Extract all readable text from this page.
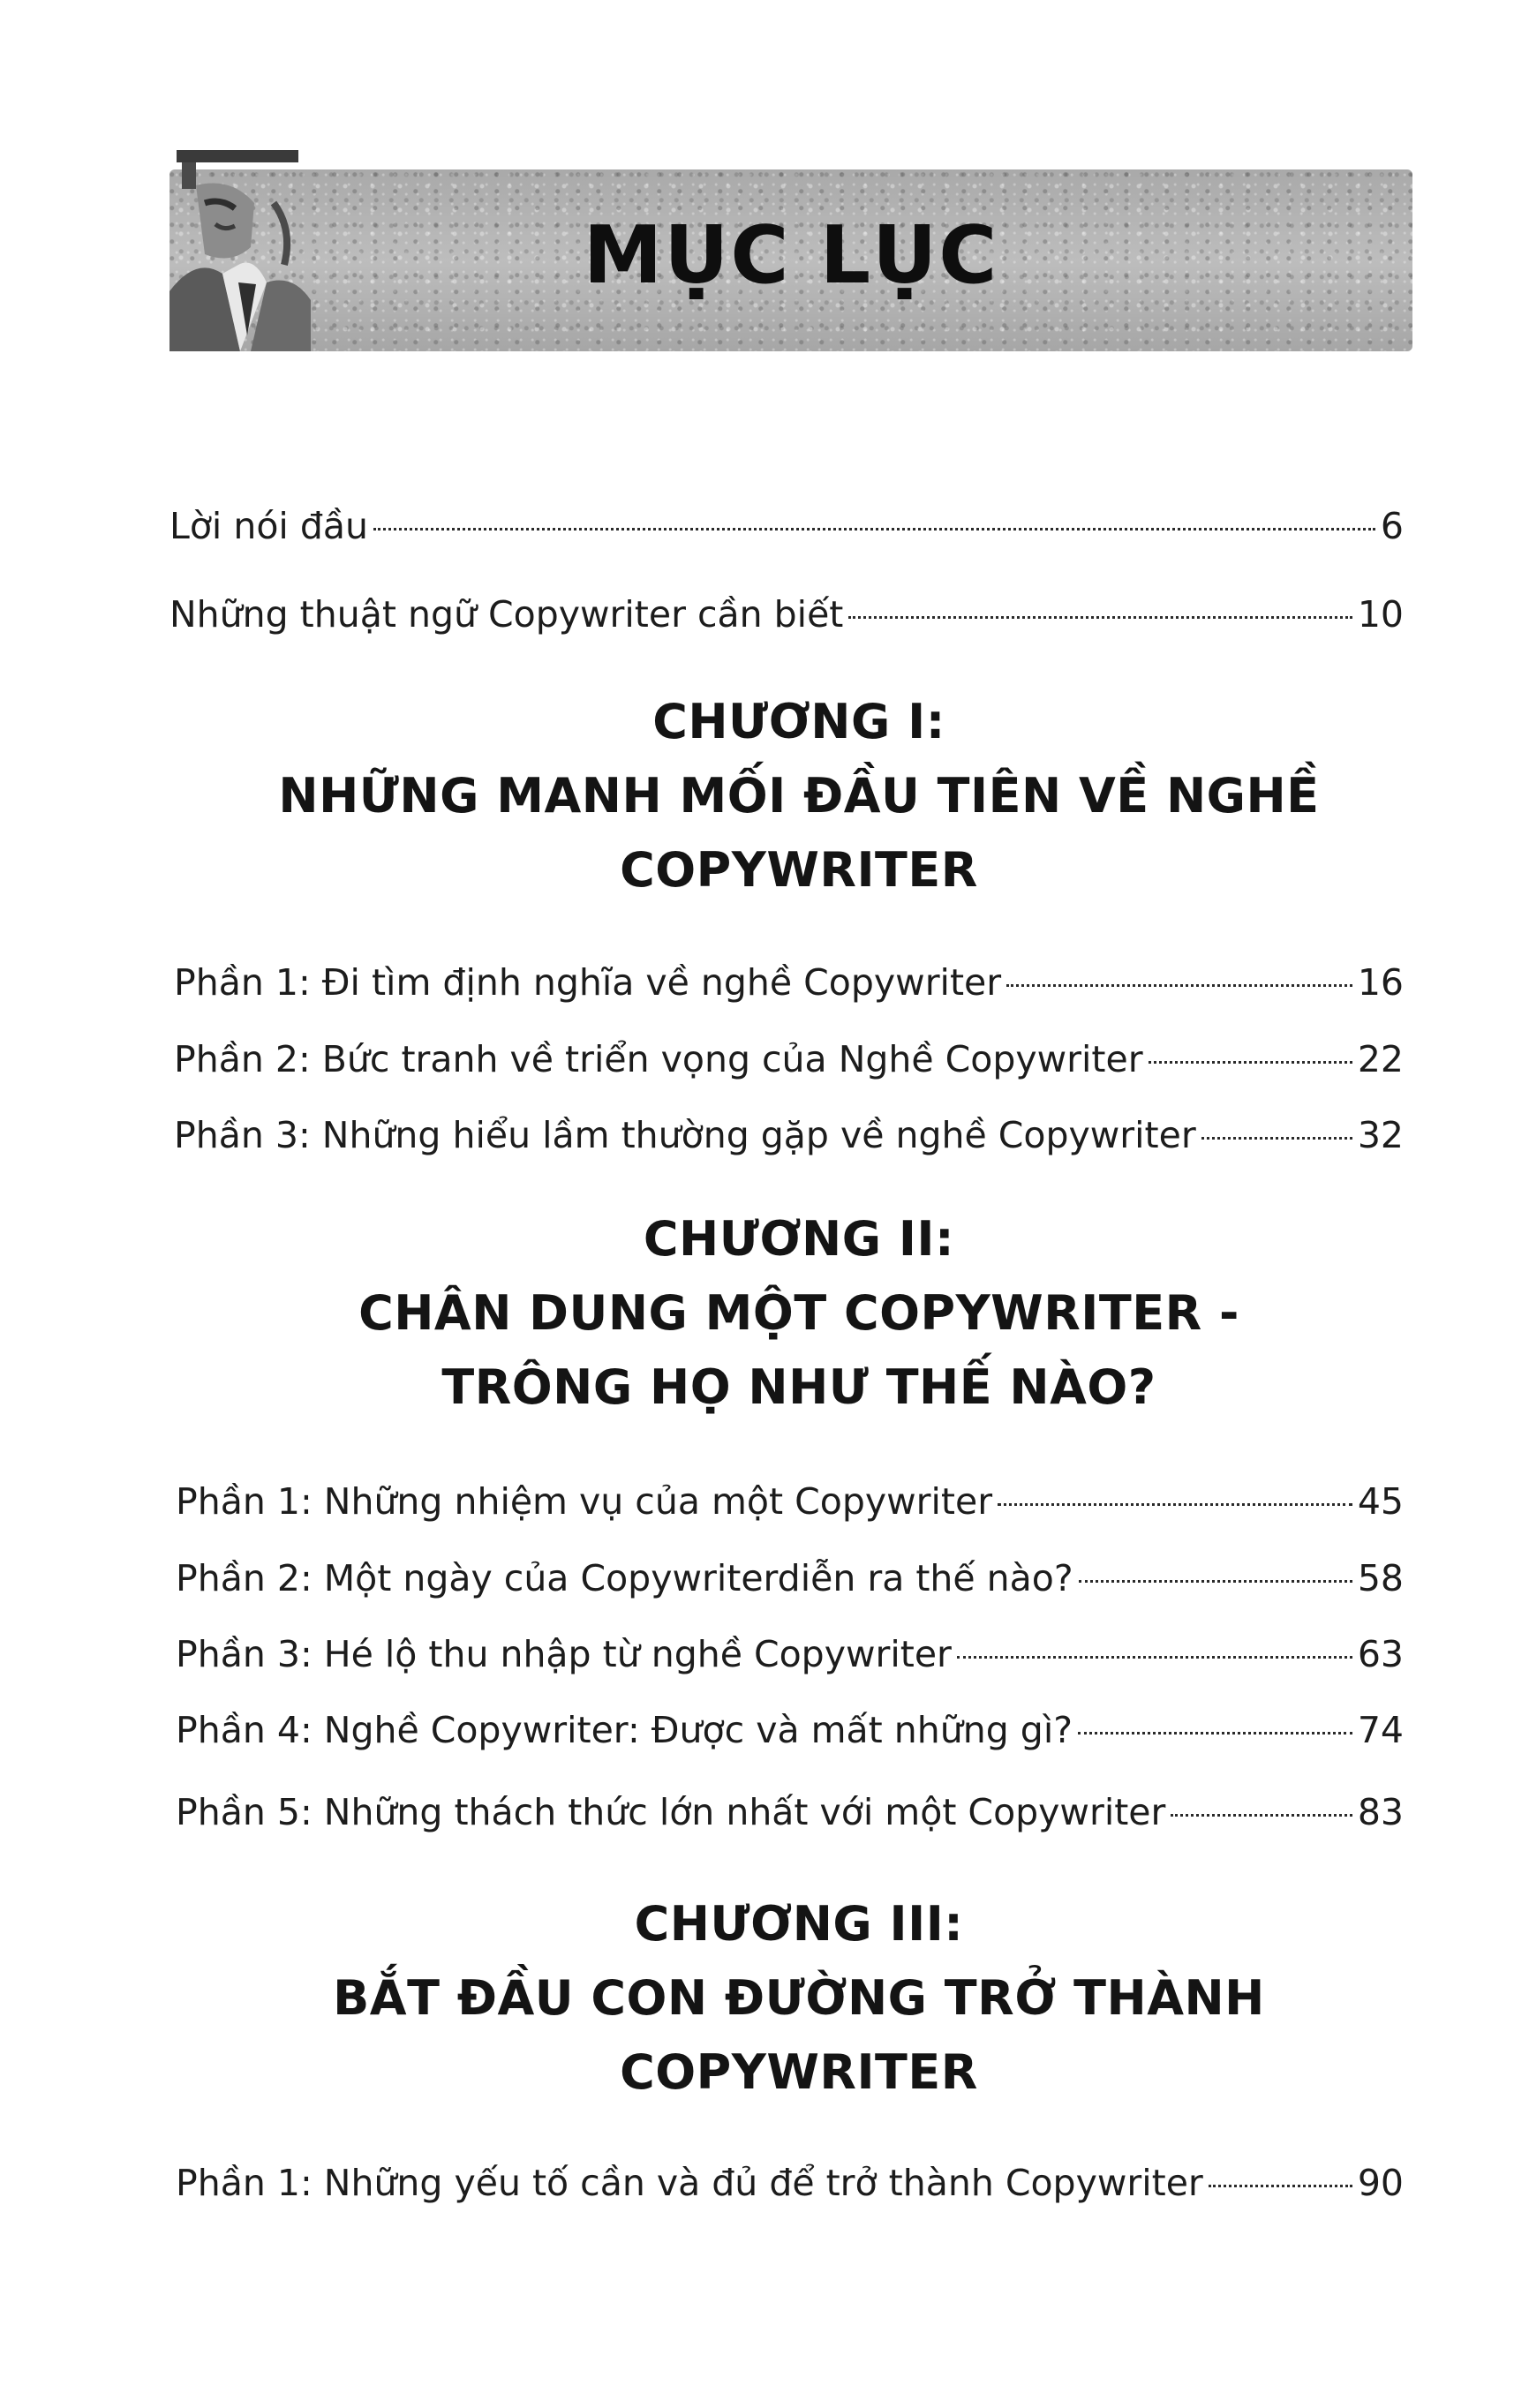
MỤC LỤC
Lời nói đầu	6
Những thuật ngữ Copywriter cần biết	10
CHƯƠNG I:
NHỮNG MANH MỐI ĐẦU TIÊN VỀ NGHỀ
COPYWRITER
Phần 1: Đi tìm định nghĩa về nghề Copywriter	16
Phần 2: Bức tranh về triển vọng của Nghề Copywriter	22
Phần 3: Những hiểu lầm thường gặp về nghề Copywriter	32
CHƯƠNG II:
CHÂN DUNG MỘT COPYWRITER -
TRÔNG HỌ NHƯ THẾ NÀO?
Phần 1: Những nhiệm vụ của một Copywriter	45
Phần 2: Một ngày của Copywriterdiễn ra thế nào?	58
Phần 3: Hé lộ thu nhập từ nghề Copywriter	63
Phần 4: Nghề Copywriter: Được và mất những gì?	74
Phần 5: Những thách thức lớn nhất với một Copywriter	83
CHƯƠNG III:
BẮT ĐẦU CON ĐƯỜNG TRỞ THÀNH
COPYWRITER
Phần 1: Những yếu tố cần và đủ để trở thành Copywriter	90
